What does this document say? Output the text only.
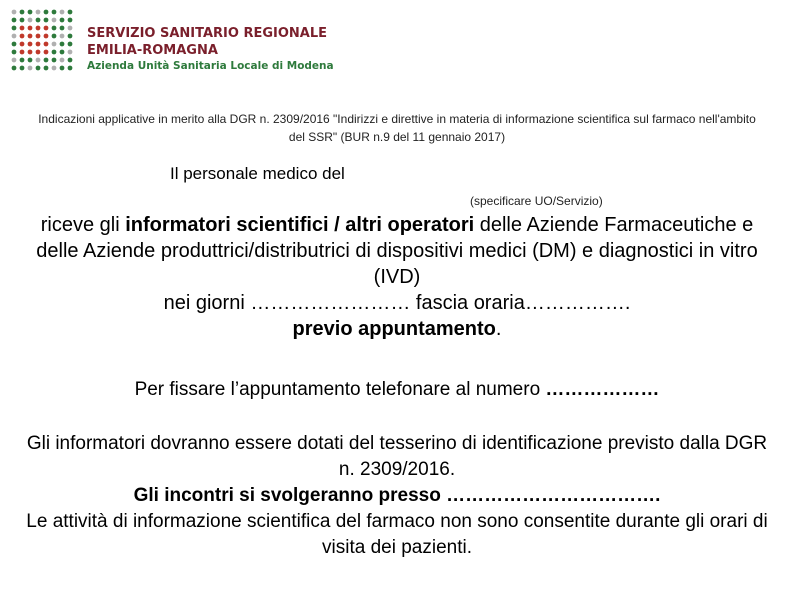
SERVIZIO SANITARIO REGIONALE
EMILIA-ROMAGNA
Azienda Unità Sanitaria Locale di Modena
Indicazioni applicative in merito alla DGR n. 2309/2016 "Indirizzi e direttive in materia di informazione scientifica sul farmaco nell'ambito del SSR" (BUR n.9 del 11 gennaio 2017)
Il personale medico del
(specificare UO/Servizio)
riceve gli informatori scientifici / altri operatori delle Aziende Farmaceutiche e delle Aziende produttrici/distributrici di dispositivi medici (DM) e diagnostici in vitro (IVD)
nei giorni …………………… fascia oraria…………….
previo appuntamento.
Per fissare l’appuntamento telefonare al numero ………………
Gli informatori dovranno essere dotati del tesserino di identificazione previsto dalla DGR n. 2309/2016.
Gli incontri si svolgeranno presso …………………………….
Le attività di informazione scientifica del farmaco non sono consentite durante gli orari di visita dei pazienti.
